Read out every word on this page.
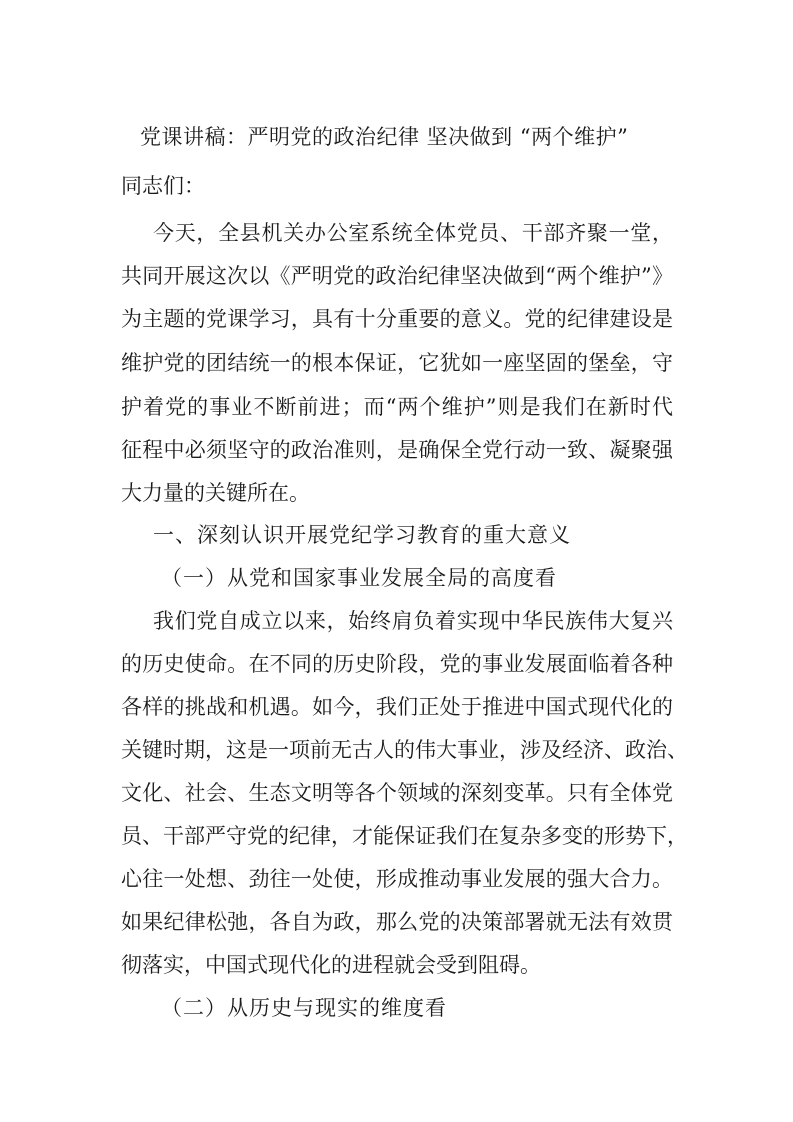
党课讲稿：严明党的政治纪律 坚决做到 “两个维护”
同志们：
今天，全县机关办公室系统全体党员、干部齐聚一堂，
共同开展这次以《严明党的政治纪律坚决做到“两个维护”》
为主题的党课学习，具有十分重要的意义。党的纪律建设是
维护党的团结统一的根本保证，它犹如一座坚固的堡垒，守
护着党的事业不断前进；而“两个维护”则是我们在新时代
征程中必须坚守的政治准则，是确保全党行动一致、凝聚强
大力量的关键所在。
一、深刻认识开展党纪学习教育的重大意义
（一）从党和国家事业发展全局的高度看
我们党自成立以来，始终肩负着实现中华民族伟大复兴
的历史使命。在不同的历史阶段，党的事业发展面临着各种
各样的挑战和机遇。如今，我们正处于推进中国式现代化的
关键时期，这是一项前无古人的伟大事业，涉及经济、政治、
文化、社会、生态文明等各个领域的深刻变革。只有全体党
员、干部严守党的纪律，才能保证我们在复杂多变的形势下，
心往一处想、劲往一处使，形成推动事业发展的强大合力。
如果纪律松弛，各自为政，那么党的决策部署就无法有效贯
彻落实，中国式现代化的进程就会受到阻碍。
（二）从历史与现实的维度看
